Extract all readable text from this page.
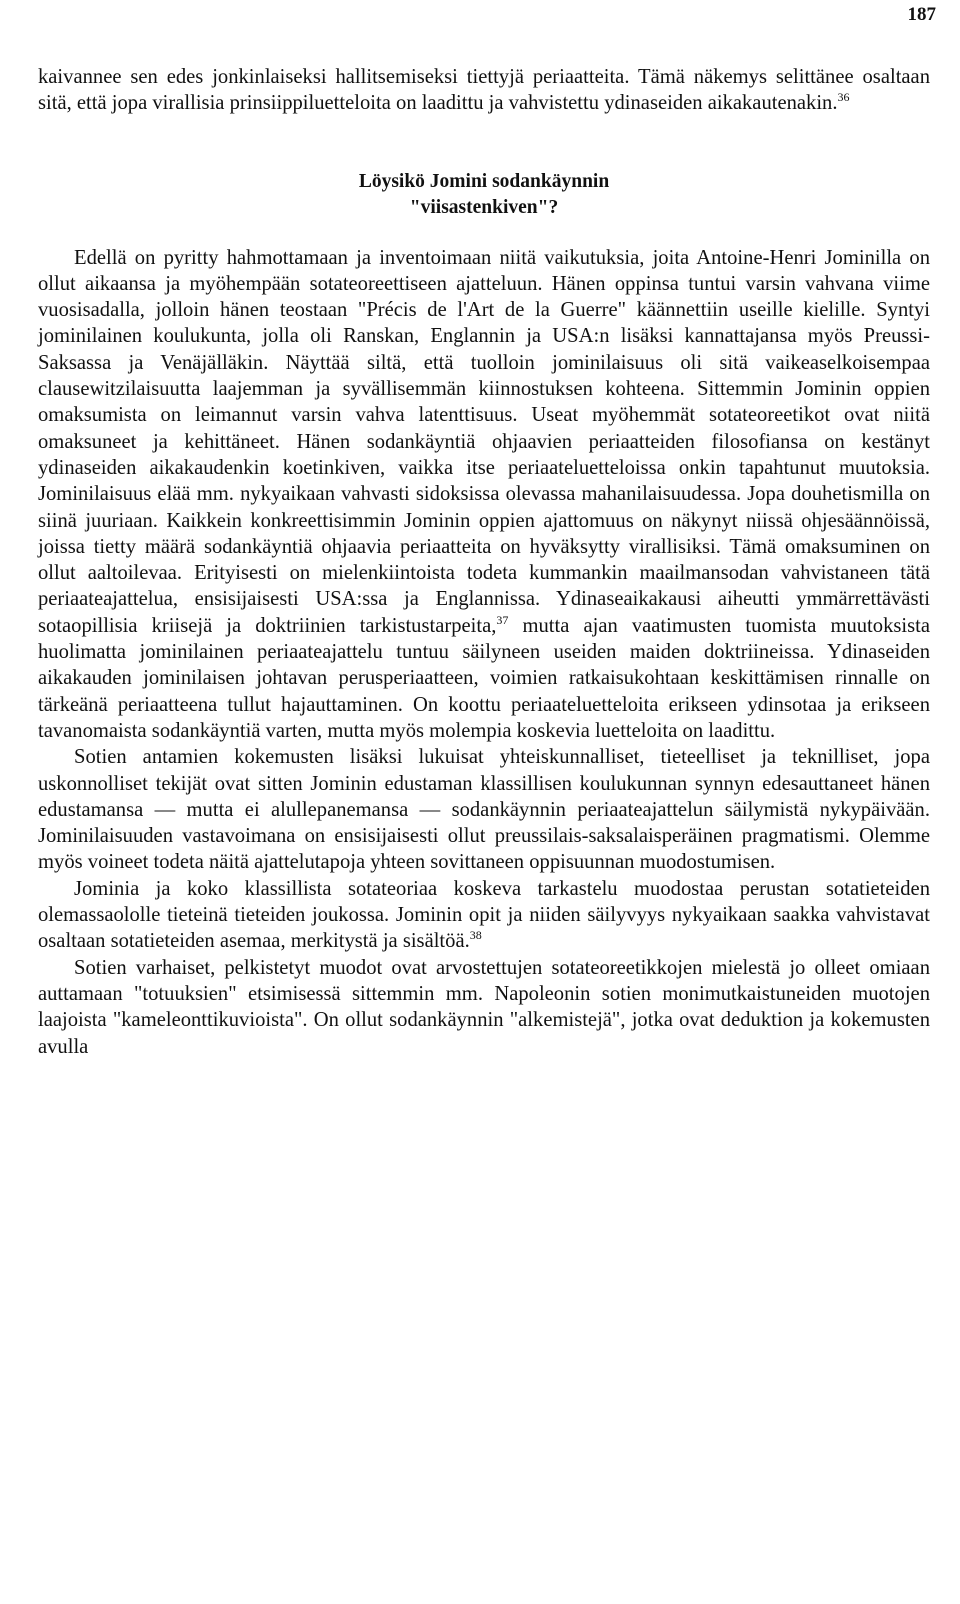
187

kaivannee sen edes jonkinlaiseksi hallitsemiseksi tiettyjä periaatteita. Tämä näkemys selittänee osaltaan sitä, että jopa virallisia prinsiippiluetteloita on laadittu ja vahvistettu ydinaseiden aikakautenakin.$^{36}$

Löysikö Jomini sodankäynnin
"viisastenkiven"?

Edellä on pyritty hahmottamaan ja inventoimaan niitä vaikutuksia, joita Antoine-Henri Jominilla on ollut aikaansa ja myöhempään sotateoreettiseen ajatteluun. Hänen oppinsa tuntui varsin vahvana viime vuosisadalla, jolloin hänen teostaan "Précis de l'Art de la Guerre" käännettiin useille kielille. Syntyi jominilainen koulukunta, jolla oli Ranskan, Englannin ja USA:n lisäksi kannattajansa myös Preussi-Saksassa ja Venäjälläkin. Näyttää siltä, että tuolloin jominilaisuus oli sitä vaikeaselkoisempaa clausewitzilaisuutta laajemman ja syvällisemmän kiinnostuksen kohteena. Sittemmin Jominin oppien omaksumista on leimannut varsin vahva latenttisuus. Useat myöhemmät sotateoreetikot ovat niitä omaksuneet ja kehittäneet. Hänen sodankäyntiä ohjaavien periaatteiden filosofiansa on kestänyt ydinaseiden aikakaudenkin koetinkiven, vaikka itse periaateluetteloissa onkin tapahtunut muutoksia. Jominilaisuus elää mm. nykyaikaan vahvasti sidoksissa olevassa mahanilaisuudessa. Jopa douhetismilla on siinä juuriaan. Kaikkein konkreettisimmin Jominin oppien ajattomuus on näkynyt niissä ohjesäännöissä, joissa tietty määrä sodankäyntiä ohjaavia periaatteita on hyväksytty virallisiksi. Tämä omaksuminen on ollut aaltoilevaa. Erityisesti on mielenkiintoista todeta kummankin maailmansodan vahvistaneen tätä periaateajattelua, ensisijaisesti USA:ssa ja Englannissa. Ydinaseaikakausi aiheutti ymmärrettävästi sotaopillisia kriisejä ja doktriinien tarkistustarpeita,$^{37}$ mutta ajan vaatimusten tuomista muutoksista huolimatta jominilainen periaateajattelu tuntuu säilyneen useiden maiden doktriineissa. Ydinaseiden aikakauden jominilaisen johtavan perusperiaatteen, voimien ratkaisukohtaan keskittämisen rinnalle on tärkeänä periaatteena tullut hajauttaminen. On koottu periaateluetteloita erikseen ydinsotaa ja erikseen tavanomaista sodankäyntiä varten, mutta myös molempia koskevia luetteloita on laadittu.

Sotien antamien kokemusten lisäksi lukuisat yhteiskunnalliset, tieteelliset ja teknilliset, jopa uskonnolliset tekijät ovat sitten Jominin edustaman klassillisen koulukunnan synnyn edesauttaneet hänen edustamansa — mutta ei alullepanemansa — sodankäynnin periaateajattelun säilymistä nykypäivään. Jominilaisuuden vastavoimana on ensisijaisesti ollut preussilais-saksalaisperäinen pragmatismi. Olemme myös voineet todeta näitä ajattelutapoja yhteen sovittaneen oppisuunnan muodostumisen.

Jominia ja koko klassillista sotateoriaa koskeva tarkastelu muodostaa perustan sotatieteiden olemassaololle tieteinä tieteiden joukossa. Jominin opit ja niiden säilyvyys nykyaikaan saakka vahvistavat osaltaan sotatieteiden asemaa, merkitystä ja sisältöä.$^{38}$

Sotien varhaiset, pelkistetyt muodot ovat arvostettujen sotateoreetikkojen mielestä jo olleet omiaan auttamaan "totuuksien" etsimisessä sittemmin mm. Napoleonin sotien monimutkaistuneiden muotojen laajoista "kameleonttikuvioista". On ollut sodankäynnin "alkemistejä", jotka ovat deduktion ja kokemusten avulla
